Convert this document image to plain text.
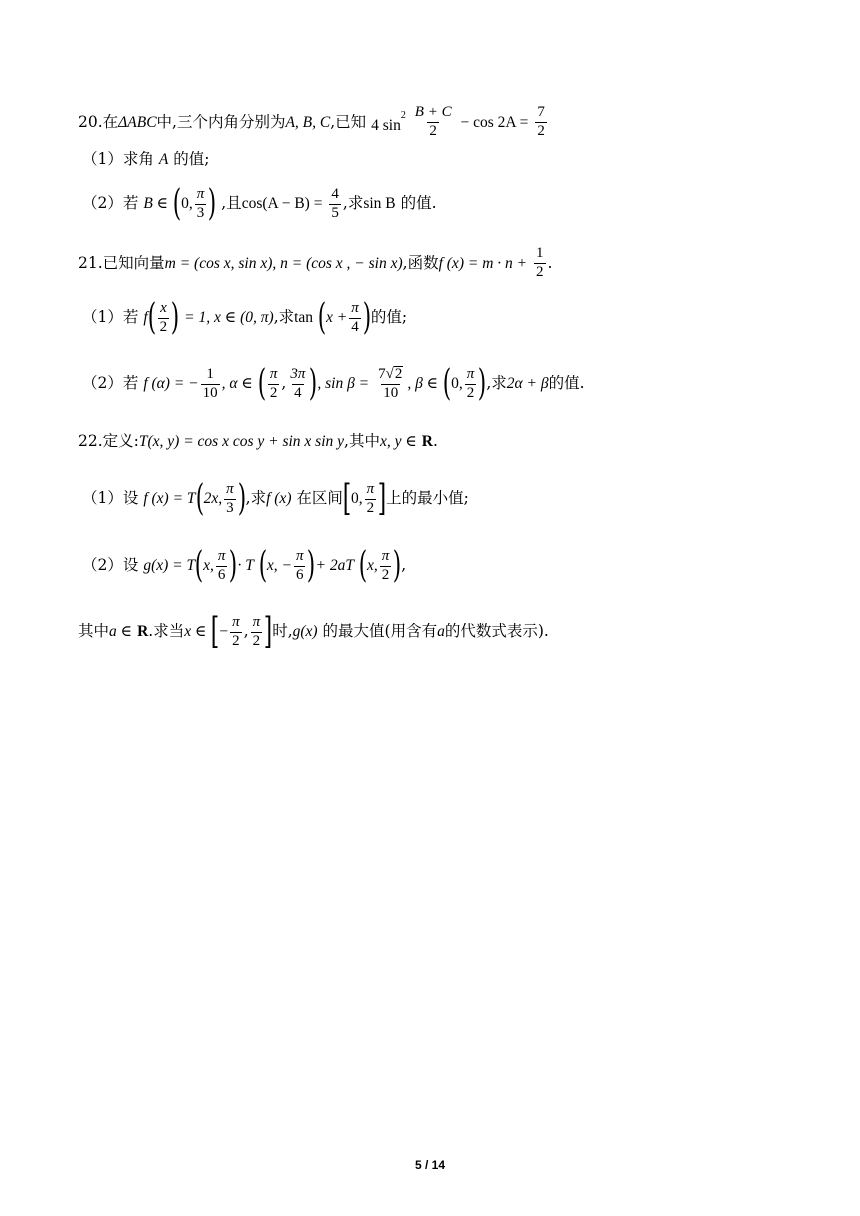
20.在ΔABC中,三个内角分别为A, B, C,已知 4 $\sin^2 \frac{B + C}{2} - \cos 2A = \frac{7}{2}$
（1）求角 A 的值;
（2）若 B ∈ (0, $\frac{\pi}{3}$ ) ,且$\cos(A - B) = \frac{4}{5}$ ,求sin B 的值.
21.已知向量m = (cos x, sin x), n = (cos x , − sin x),函数f $(x) = m \cdot n + \frac{1}{2}$ .
（1）若 $f( \frac{x}{2}$ ) = 1, x ∈ (0, π),求$\tan (x + \frac{\pi}{4}$ )的值;
（2）若 f (α) = − $\frac{1}{10}$ , α ∈ ( $\frac{\pi}{2}$ , $\frac{3\pi}{4}$ ), $\sin \beta = \frac{7√2}{10}$ , β ∈ (0, $\frac{\pi}{2}$ ),求2α + β的值.
22.定义:T(x, y) = cos x cos y + sin x sin y,其中x, y ∈ R.
（1）设 f (x) = T(2x, $\frac{\pi}{3}$ ),求f (x) 在区间[0, $\frac{\pi}{2}$ ]上的最小值;
（2）设 g(x) = T(x, $\frac{\pi}{6}$ )· T (x, − $\frac{\pi}{6}$ )+ 2aT (x, $\frac{\pi}{2}$ ),
其中a ∈ R.求当x ∈ [− $\frac{\pi}{2}$ , $\frac{\pi}{2}$ ]时,g(x) 的最大值(用含有a的代数式表示).
5 / 14
